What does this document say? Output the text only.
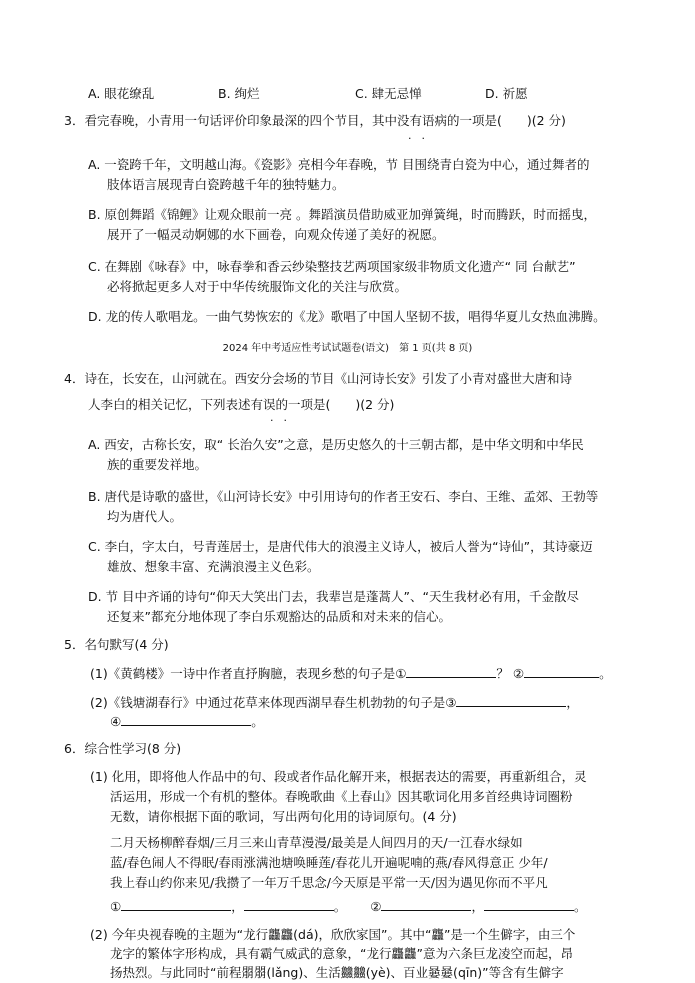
A. 眼花缭乱	B. 绚烂	C. 肆无忌惮	D. 祈愿
3．看完春晚，小青用一句话评价印象最深的四个节目，其中没有语病的一项是(　　)(2 分)
··
A. 一瓷跨千年，文明越山海。《瓷影》亮相今年春晚，节 目围绕青白瓷为中心，通过舞者的
肢体语言展现青白瓷跨越千年的独特魅力。
B. 原创舞蹈《锦鲤》让观众眼前一亮 。舞蹈演员借助威亚加弹簧绳，时而腾跃，时而摇曳，
展开了一幅灵动婀娜的水下画卷，向观众传递了美好的祝愿。
C. 在舞剧《咏春》中，咏春拳和香云纱染整技艺两项国家级非物质文化遗产“ 同 台献艺”
必将掀起更多人对于中华传统服饰文化的关注与欣赏。
D. 龙的传人歌唱龙。一曲气势恢宏的《龙》歌唱了中国人坚韧不拔，唱得华夏儿女热血沸腾。
2024 年中考适应性考试试题卷(语文)　第 1 页(共 8 页)
4．诗在，长安在，山河就在。西安分会场的节目《山河诗长安》引发了小青对盛世大唐和诗
人李白的相关记忆，下列表述有误的一项是(　　)(2 分)
··
A. 西安，古称长安，取“ 长治久安”之意，是历史悠久的十三朝古都，是中华文明和中华民
族的重要发祥地。
B. 唐代是诗歌的盛世，《山河诗长安》中引用诗句的作者王安石、李白、王维、孟郊、王勃等
均为唐代人。
C. 李白，字太白，号青莲居士，是唐代伟大的浪漫主义诗人，被后人誉为“诗仙”，其诗豪迈
雄放、想象丰富、充满浪漫主义色彩。
D. 节 目中齐诵的诗句“仰天大笑出门去，我辈岂是蓬蒿人”、“天生我材必有用，千金散尽
还复来”都充分地体现了李白乐观豁达的品质和对未来的信心。
5．名句默写(4 分)
(1)《黄鹤楼》一诗中作者直抒胸臆，表现乡愁的句子是①	？ ②	。
(2)《钱塘湖春行》中通过花草来体现西湖早春生机勃勃的句子是③	，
④	。
6．综合性学习(8 分)
(1) 化用，即将他人作品中的句、段或者作品化解开来，根据表达的需要，再重新组合，灵
活运用，形成一个有机的整体。春晚歌曲《上春山》因其歌词化用多首经典诗词圈粉
无数，请你根据下面的歌词，写出两句化用的诗词原句。(4 分)
二月天杨柳醉春烟/三月三来山青草漫漫/最美是人间四月的天/一江春水绿如
蓝/春色闹人不得眠/春雨涨满池塘唤睡莲/春花儿开遍呢喃的燕/春风得意正 少年/
我上春山约你来见/我攒了一年万千思念/今天原是平常一天/因为遇见你而不平凡
①	，	。 ②	，	。
(2) 今年央视春晚的主题为“龙行龘龘(dá)，欣欣家国”。其中“龘”是一个生僻字，由三个
龙字的繁体字形构成，具有霸气威武的意象，“龙行龘龘”意为六条巨龙凌空而起，昂
扬热烈。与此同时“前程朤朤(lǎng)、生活䲜䲜(yè)、百业嘦嘦(qīn)”等含有生僻字
